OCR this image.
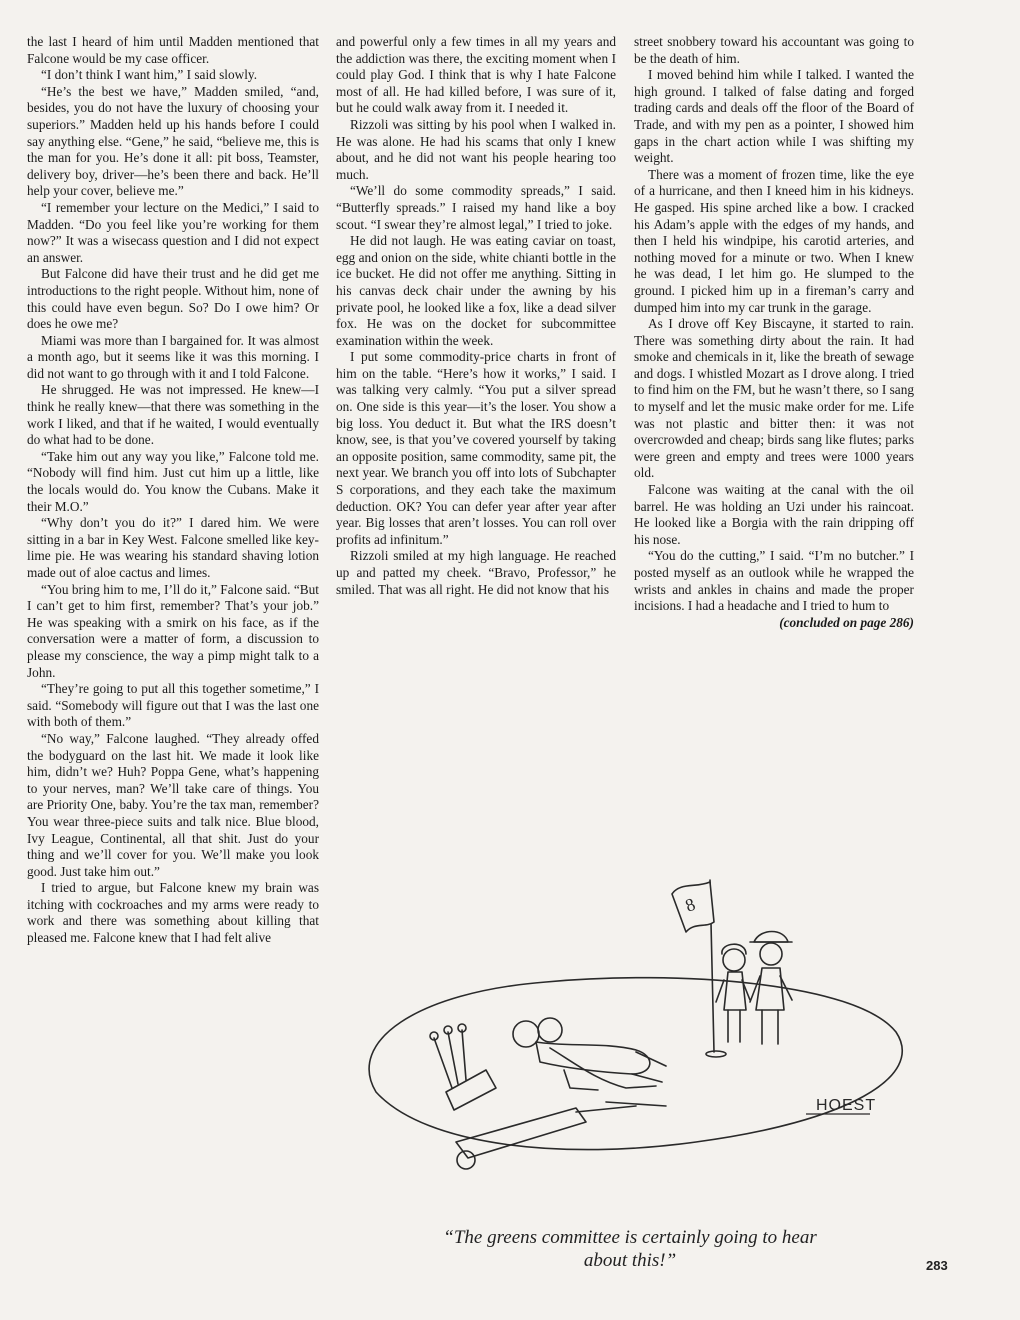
the last I heard of him until Madden mentioned that Falcone would be my case officer.

“I don’t think I want him,” I said slowly.

“He’s the best we have,” Madden smiled, “and, besides, you do not have the luxury of choosing your superiors.” Madden held up his hands before I could say anything else. “Gene,” he said, “believe me, this is the man for you. He’s done it all: pit boss, Teamster, delivery boy, driver—he’s been there and back. He’ll help your cover, believe me.”

“I remember your lecture on the Medici,” I said to Madden. “Do you feel like you’re working for them now?” It was a wisecass question and I did not expect an answer.

But Falcone did have their trust and he did get me introductions to the right people. Without him, none of this could have even begun. So? Do I owe him? Or does he owe me?

Miami was more than I bargained for. It was almost a month ago, but it seems like it was this morning. I did not want to go through with it and I told Falcone.

He shrugged. He was not impressed. He knew—I think he really knew—that there was something in the work I liked, and that if he waited, I would eventually do what had to be done.

“Take him out any way you like,” Falcone told me. “Nobody will find him. Just cut him up a little, like the locals would do. You know the Cubans. Make it their M.O.”

“Why don’t you do it?” I dared him. We were sitting in a bar in Key West. Falcone smelled like key-lime pie. He was wearing his standard shaving lotion made out of aloe cactus and limes.

“You bring him to me, I’ll do it,” Falcone said. “But I can’t get to him first, remember? That’s your job.” He was speaking with a smirk on his face, as if the conversation were a matter of form, a discussion to please my conscience, the way a pimp might talk to a John.

“They’re going to put all this together sometime,” I said. “Somebody will figure out that I was the last one with both of them.”

“No way,” Falcone laughed. “They already offed the bodyguard on the last hit. We made it look like him, didn’t we? Huh? Poppa Gene, what’s happening to your nerves, man? We’ll take care of things. You are Priority One, baby. You’re the tax man, remember? You wear three-piece suits and talk nice. Blue blood, Ivy League, Continental, all that shit. Just do your thing and we’ll cover for you. We’ll make you look good. Just take him out.”

I tried to argue, but Falcone knew my brain was itching with cockroaches and my arms were ready to work and there was something about killing that pleased me. Falcone knew that I had felt alive

and powerful only a few times in all my years and the addiction was there, the exciting moment when I could play God. I think that is why I hate Falcone most of all. He had killed before, I was sure of it, but he could walk away from it. I needed it.

Rizzoli was sitting by his pool when I walked in. He was alone. He had his scams that only I knew about, and he did not want his people hearing too much.

“We’ll do some commodity spreads,” I said. “Butterfly spreads.” I raised my hand like a boy scout. “I swear they’re almost legal,” I tried to joke.

He did not laugh. He was eating caviar on toast, egg and onion on the side, white chianti bottle in the ice bucket. He did not offer me anything. Sitting in his canvas deck chair under the awning by his private pool, he looked like a fox, like a dead silver fox. He was on the docket for subcommittee examination within the week.

I put some commodity-price charts in front of him on the table. “Here’s how it works,” I said. I was talking very calmly. “You put a silver spread on. One side is this year—it’s the loser. You show a big loss. You deduct it. But what the IRS doesn’t know, see, is that you’ve covered yourself by taking an opposite position, same commodity, same pit, the next year. We branch you off into lots of Subchapter S corporations, and they each take the maximum deduction. OK? You can defer year after year after year. Big losses that aren’t losses. You can roll over profits ad infinitum.”

Rizzoli smiled at my high language. He reached up and patted my cheek. “Bravo, Professor,” he smiled. That was all right. He did not know that his

street snobbery toward his accountant was going to be the death of him.

I moved behind him while I talked. I wanted the high ground. I talked of false dating and forged trading cards and deals off the floor of the Board of Trade, and with my pen as a pointer, I showed him gaps in the chart action while I was shifting my weight.

There was a moment of frozen time, like the eye of a hurricane, and then I kneed him in his kidneys. He gasped. His spine arched like a bow. I cracked his Adam’s apple with the edges of my hands, and then I held his windpipe, his carotid arteries, and nothing moved for a minute or two. When I knew he was dead, I let him go. He slumped to the ground. I picked him up in a fireman’s carry and dumped him into my car trunk in the garage.

As I drove off Key Biscayne, it started to rain. There was something dirty about the rain. It had smoke and chemicals in it, like the breath of sewage and dogs. I whistled Mozart as I drove along. I tried to find him on the FM, but he wasn’t there, so I sang to myself and let the music make order for me. Life was not plastic and bitter then: it was not overcrowded and cheap; birds sang like flutes; parks were green and empty and trees were 1000 years old.

Falcone was waiting at the canal with the oil barrel. He was holding an Uzi under his raincoat. He looked like a Borgia with the rain dripping off his nose.

“You do the cutting,” I said. “I’m no butcher.” I posted myself as an outlook while he wrapped the wrists and ankles in chains and made the proper incisions. I had a headache and I tried to hum to

(concluded on page 286)
8
HOEST
“The greens committee is certainly going to hear about this!”	283
